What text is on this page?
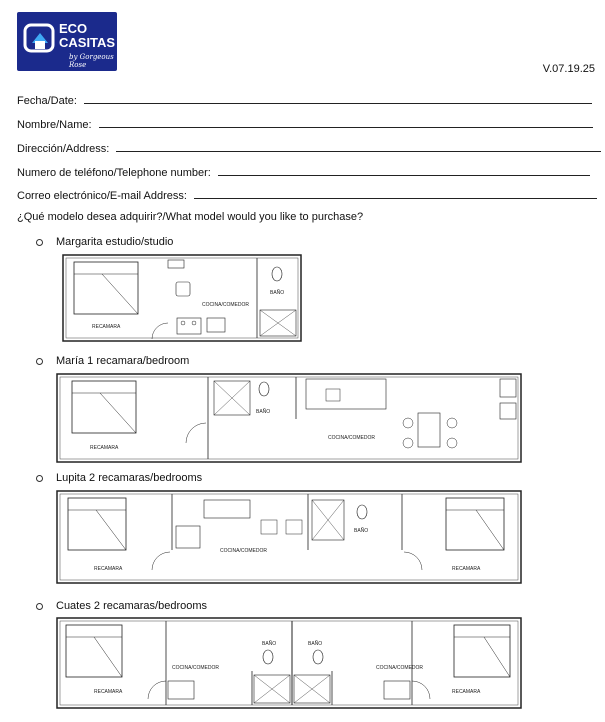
ECO
CASITAS
by Gorgeous Rose	V.07.19.25
Fecha/Date:
Nombre/Name:
Dirección/Address:
Numero de teléfono/Telephone number:
Correo electrónico/E-mail Address:
¿Qué modelo desea adquirir?/What model would you like to purchase?
Margarita estudio/studio
RECAMARA
COCINA/COMEDOR
BAÑO
María 1 recamara/bedroom
RECAMARA
BAÑO
COCINA/COMEDOR
Lupita 2 recamaras/bedrooms
RECAMARA
COCINA/COMEDOR
BAÑO
RECAMARA
Cuates 2 recamaras/bedrooms
RECAMARA
COCINA/COMEDOR
BAÑO	BAÑO
COCINA/COMEDOR
RECAMARA
